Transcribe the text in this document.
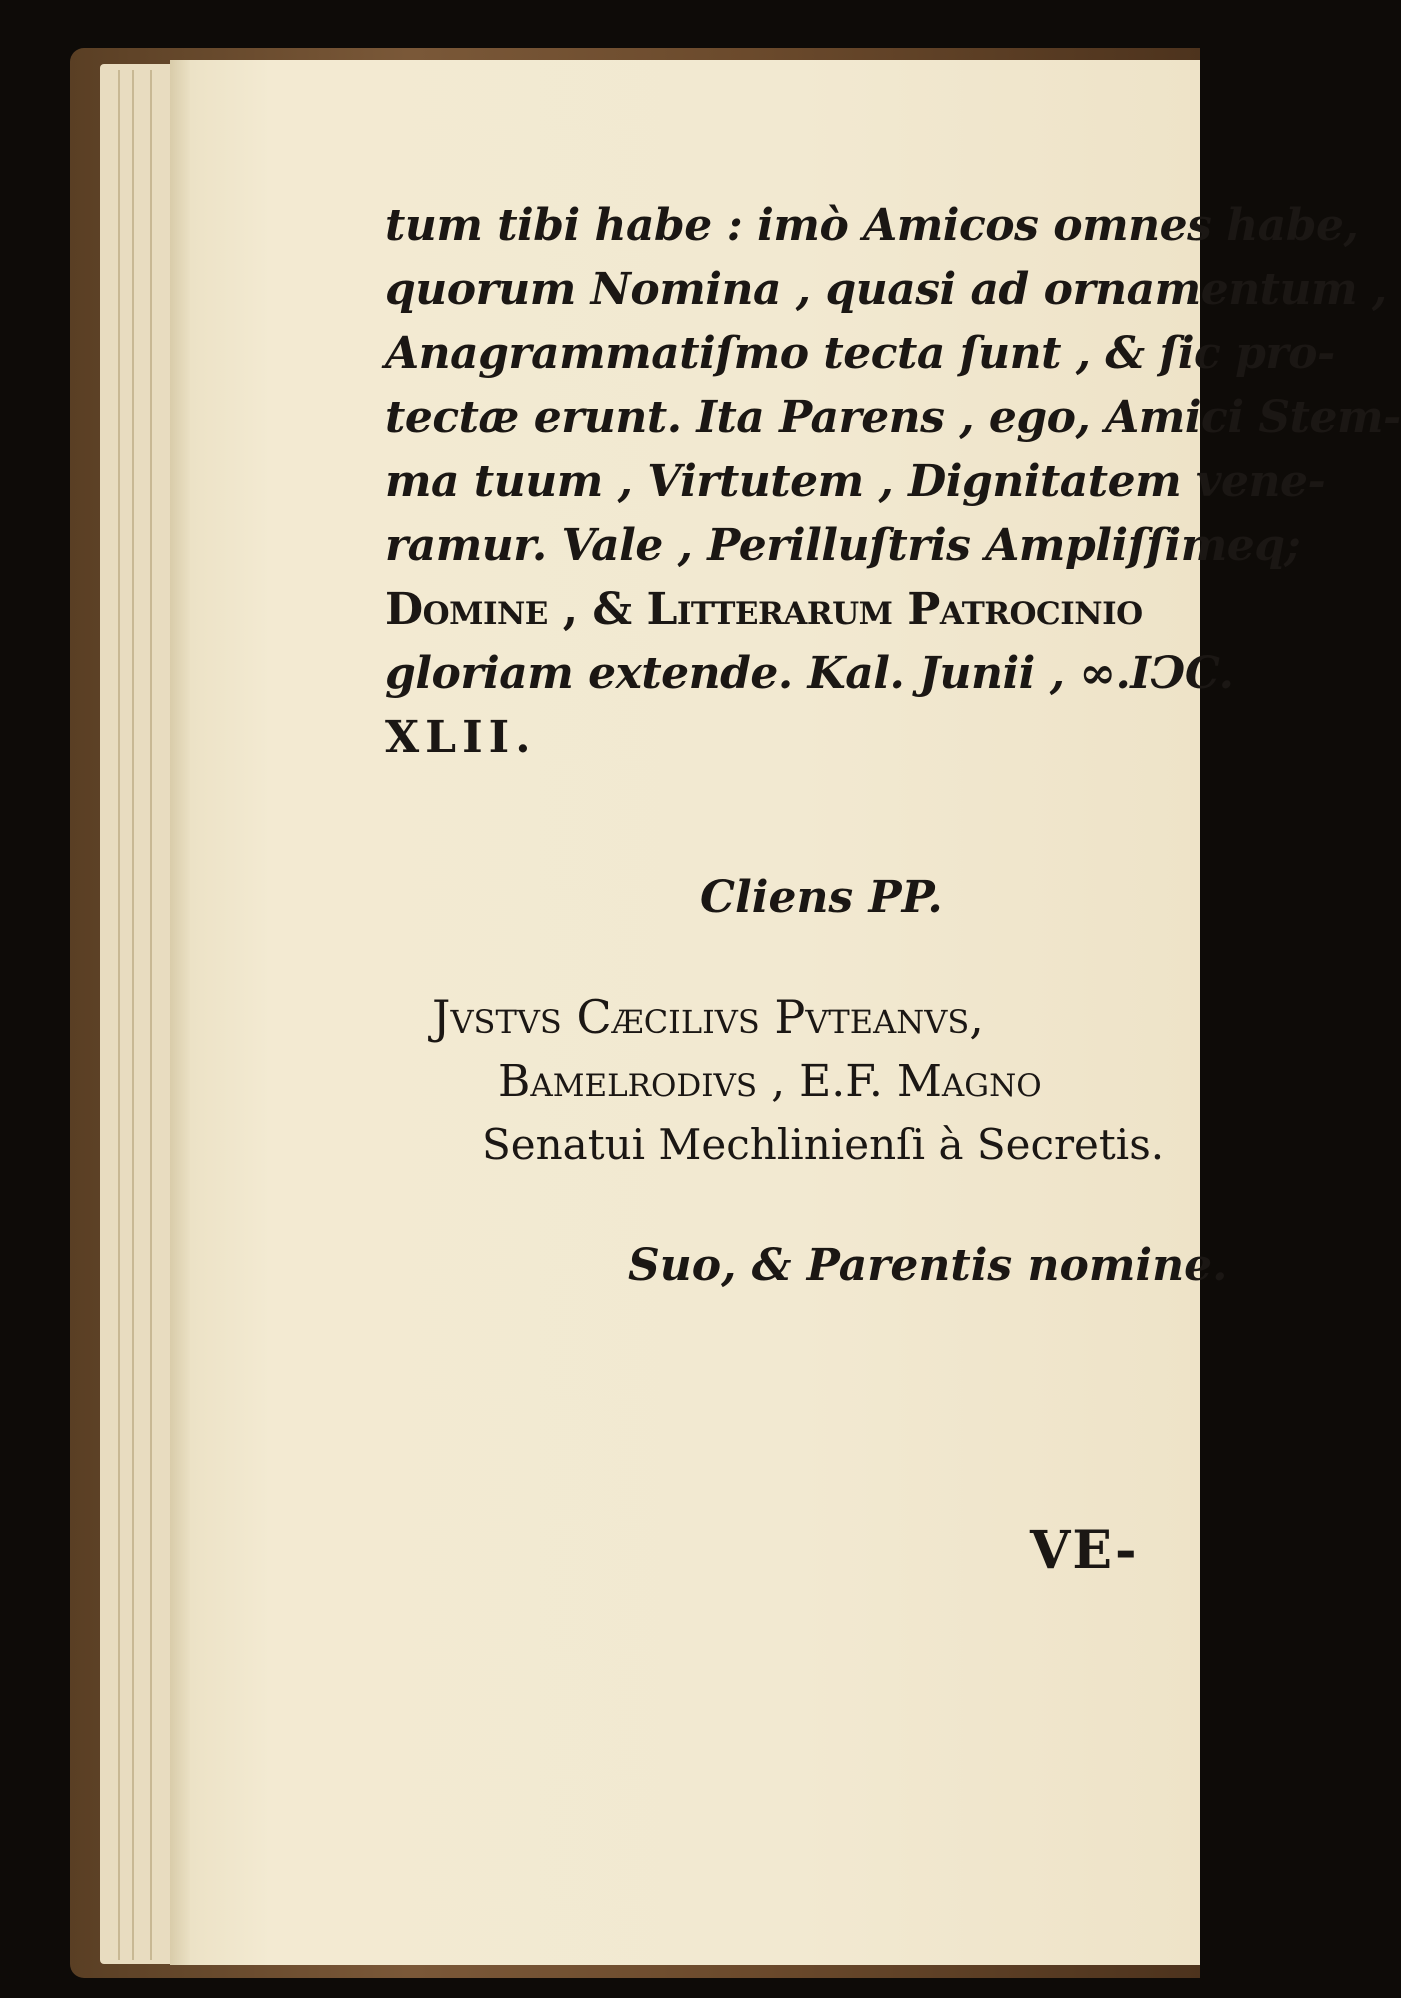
tum tibi habe : imò Amicos omnes habe,
quorum Nomina , quasi ad ornamentum ,
Anagrammatiſmo tecta ſunt , & ſic pro-
tectæ erunt. Ita Parens , ego, Amici Stem-
ma tuum , Virtutem , Dignitatem vene-
ramur. Vale , Perilluſtris Ampliſſimeq;
Domine , & Litterarum Patrocinio
gloriam extende. Kal. Junii , ∞.IϽC.
XLII.
Cliens PP.
Jvstvs Cæcilivs Pvteanvs,
Bamelrodivs , E.F. Magno
Senatui Mechlinienſi à Secretis.
Suo, & Parentis nomine.
VE-
